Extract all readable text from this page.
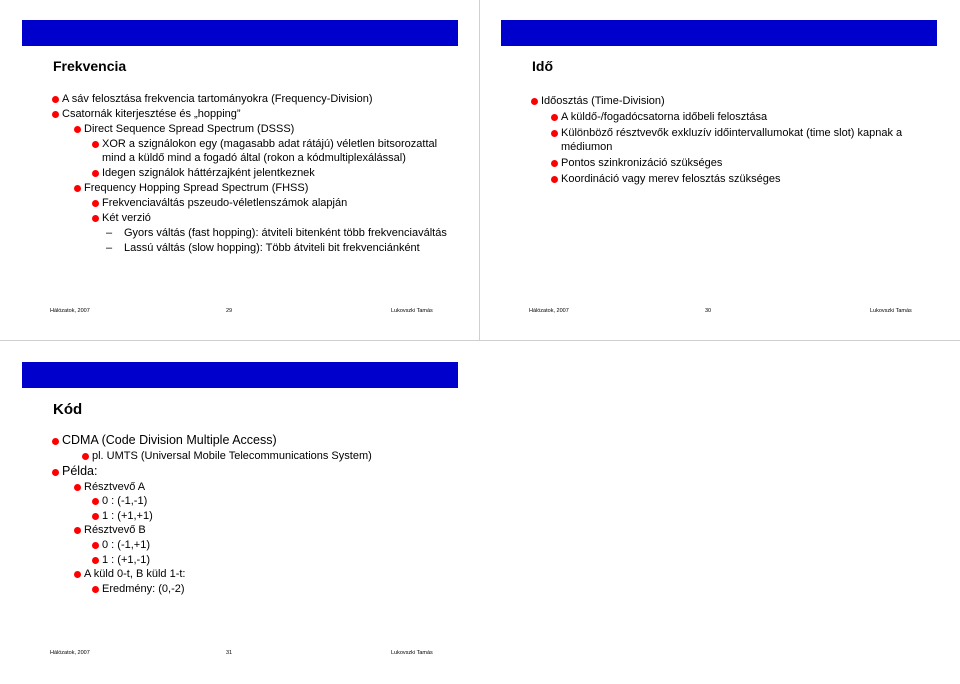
Frekvencia
A sáv felosztása frekvencia tartományokra (Frequency-Division)
Csatornák kiterjesztése és „hopping”
Direct Sequence Spread Spectrum (DSSS)
XOR a szignálokon egy (magasabb adat rátájú) véletlen bitsorozattal mind a küldő mind a fogadó által (rokon a kódmultiplexálással)
Idegen szignálok háttérzajként jelentkeznek
Frequency Hopping Spread Spectrum (FHSS)
Frekvenciaváltás pszeudo-véletlenszámok alapján
Két verzió
– Gyors váltás (fast hopping): átviteli bitenként több frekvenciaváltás
– Lassú váltás (slow hopping): Több átviteli bit frekvenciánként
Hálózatok, 2007	29	Lukovszki Tamás
Idő
Időosztás (Time-Division)
A küldő-/fogadócsatorna időbeli felosztása
Különböző résztvevők exkluzív időintervallumokat (time slot) kapnak a médiumon
Pontos szinkronizáció szükséges
Koordináció vagy merev felosztás szükséges
Hálózatok, 2007	30	Lukovszki Tamás
Kód
CDMA (Code Division Multiple Access)
pl. UMTS (Universal Mobile Telecommunications System)
Példa:
Résztvevő A
0 : (-1,-1)
1 : (+1,+1)
Résztvevő B
0 : (-1,+1)
1 : (+1,-1)
A küld 0-t, B küld 1-t:
Eredmény: (0,-2)
Hálózatok, 2007	31	Lukovszki Tamás
